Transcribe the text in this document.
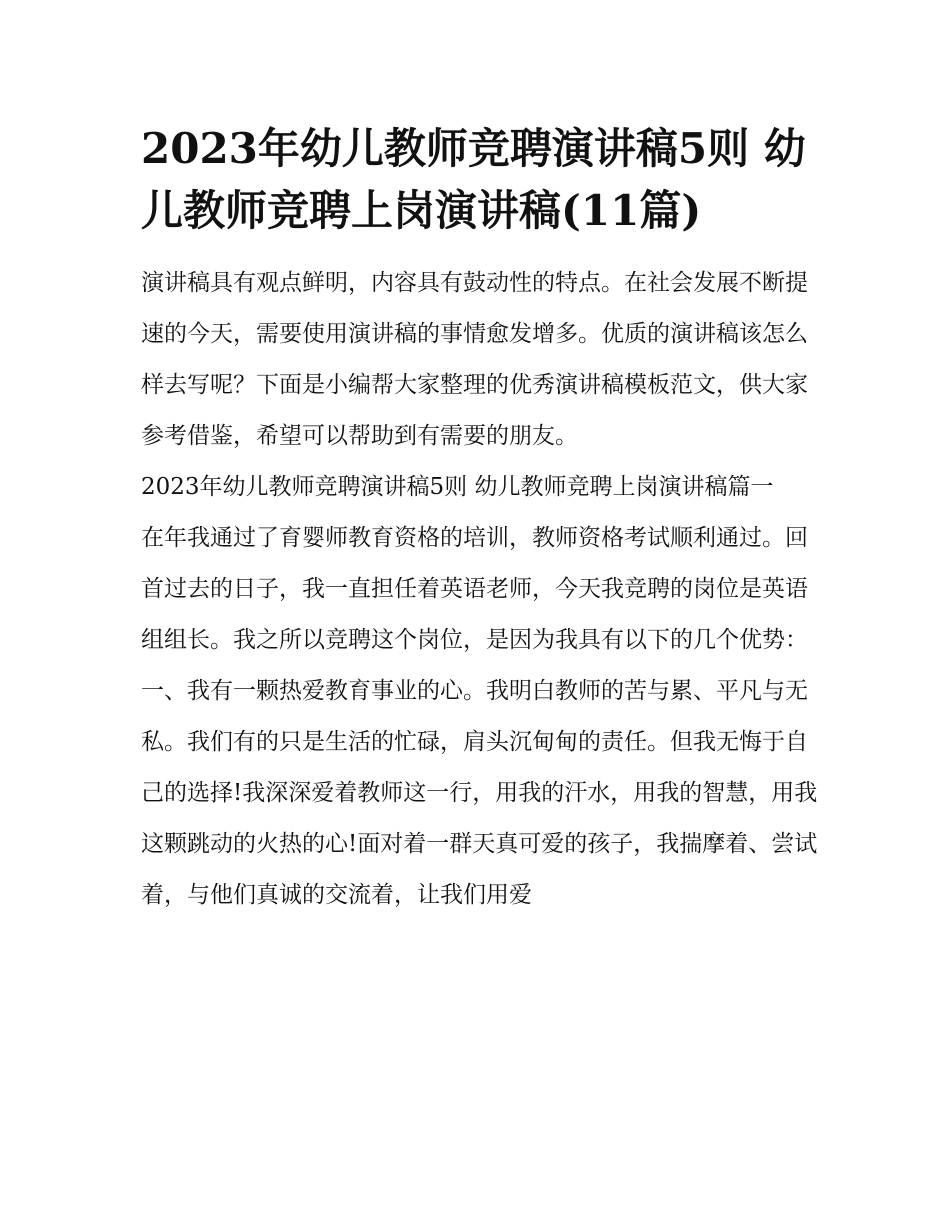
2023年幼儿教师竞聘演讲稿5则 幼儿教师竞聘上岗演讲稿(11篇)

演讲稿具有观点鲜明，内容具有鼓动性的特点。在社会发展不断提速的今天，需要使用演讲稿的事情愈发增多。优质的演讲稿该怎么样去写呢？下面是小编帮大家整理的优秀演讲稿模板范文，供大家参考借鉴，希望可以帮助到有需要的朋友。

2023年幼儿教师竞聘演讲稿5则 幼儿教师竞聘上岗演讲稿篇一

在年我通过了育婴师教育资格的培训，教师资格考试顺利通过。回首过去的日子，我一直担任着英语老师，今天我竞聘的岗位是英语组组长。我之所以竞聘这个岗位，是因为我具有以下的几个优势：

一、我有一颗热爱教育事业的心。我明白教师的苦与累、平凡与无私。我们有的只是生活的忙碌，肩头沉甸甸的责任。但我无悔于自己的选择!我深深爱着教师这一行，用我的汗水，用我的智慧，用我这颗跳动的火热的心!面对着一群天真可爱的孩子，我揣摩着、尝试着，与他们真诚的交流着，让我们用爱
